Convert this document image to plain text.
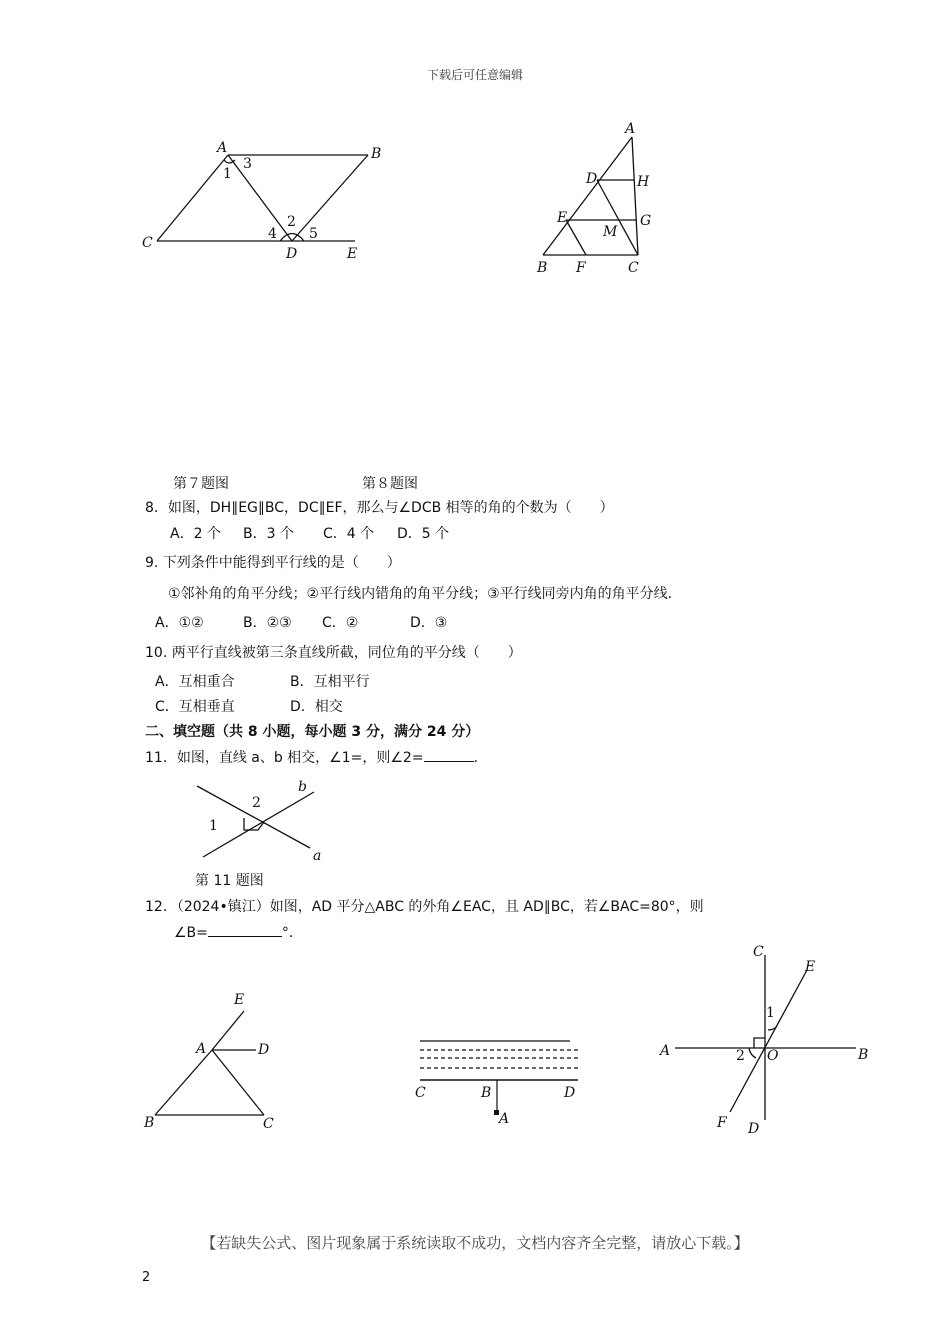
下载后可任意编辑
A	B
C
D	E
1
2
3
4 5
A
D	H
E	G
M
B F	C
第７题图	第８题图
8．如图，DH∥EG∥BC，DC∥EF，那么与∠DCB 相等的角的个数为（　　）
A．2 个 B．3 个 C．4 个 D．5 个
9. 下列条件中能得到平行线的是（　　）
①邻补角的角平分线；②平行线内错角的角平分线；③平行线同旁内角的角平分线.
A．①②	B．②③ C．②	D．③
10. 两平行直线被第三条直线所截，同位角的平分线（　　）
A．互相重合	B．互相平行
C．互相垂直	D．相交
二、填空题（共 8 小题，每小题 3 分，满分 24 分）
11．如图，直线 a、b 相交，∠1=，则∠2=	.
1
2
b
a
第 11 题图
12．（2024•镇江）如图，AD 平分△ABC 的外角∠EAC，且 AD∥BC，若∠BAC=80°，则
∠B=	°．
E
A	D
B	C
C	B	D
A
C
E
1
A	2 O	B
F D
【若缺失公式、图片现象属于系统读取不成功，文档内容齐全完整，请放心下载。】
2
